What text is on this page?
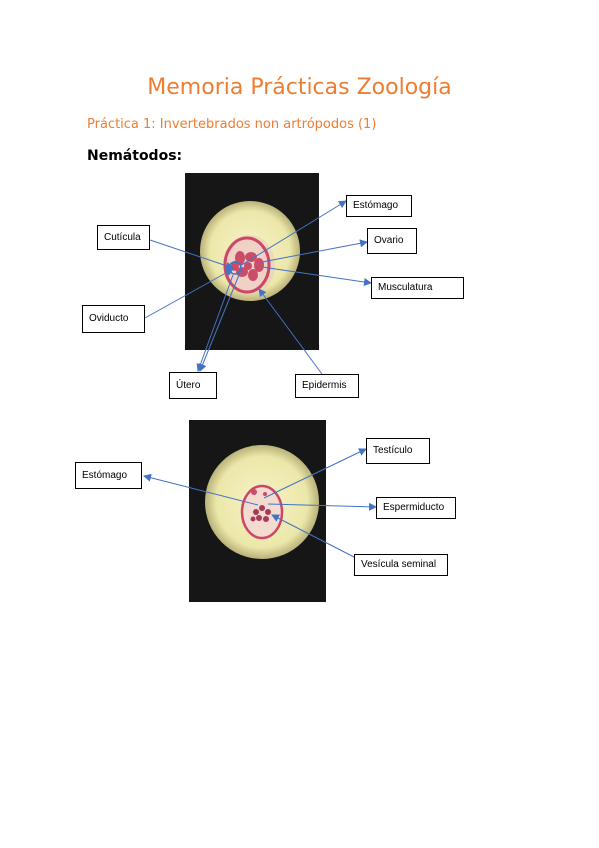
Memoria Prácticas Zoología
Práctica 1: Invertebrados non artrópodos (1)
Nemátodos:
Estómago
Cutícula	Ovario
Musculatura
Oviducto
Útero	Epidermis
Testículo
Estómago
Espermiducto
Vesícula seminal
